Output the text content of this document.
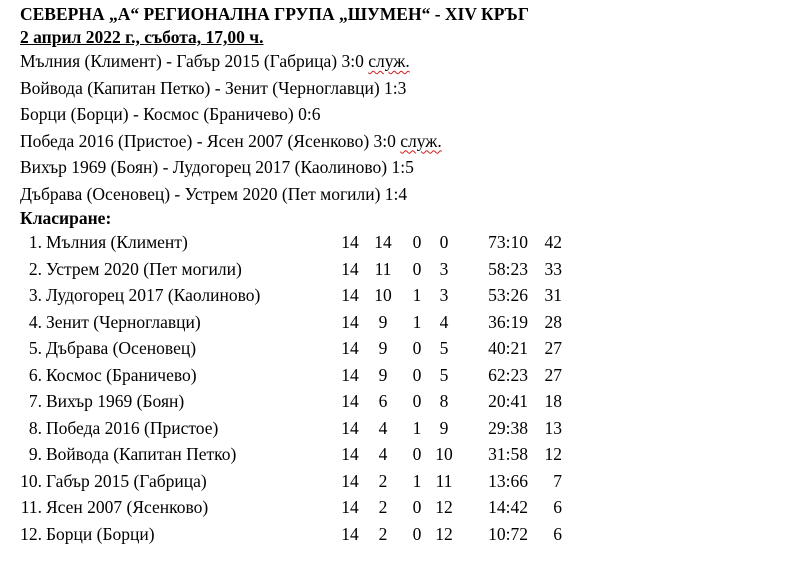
СЕВЕРНА „А“ РЕГИОНАЛНА ГРУПА „ШУМЕН“ - XIV КРЪГ
2 април 2022 г., събота, 17,00 ч.
Мълния (Климент) - Габър 2015 (Габрица) 3:0 служ.
Войвода (Капитан Петко) - Зенит (Черноглавци) 1:3
Борци (Борци) - Космос (Браничево) 0:6
Победа 2016 (Пристое) - Ясен 2007 (Ясенково) 3:0 служ.
Вихър 1969 (Боян) - Лудогорец 2017 (Каолиново) 1:5
Дъбрава (Осеновец) - Устрем 2020 (Пет могили) 1:4
Класиране:
1.	Мълния (Климент)	14	14	0	0	73:10	42
2.	Устрем 2020 (Пет могили)	14	11	0	3	58:23	33
3.	Лудогорец 2017 (Каолиново)	14	10	1	3	53:26	31
4.	Зенит (Черноглавци)	14	9	1	4	36:19	28
5.	Дъбрава (Осеновец)	14	9	0	5	40:21	27
6.	Космос (Браничево)	14	9	0	5	62:23	27
7.	Вихър 1969 (Боян)	14	6	0	8	20:41	18
8.	Победа 2016 (Пристое)	14	4	1	9	29:38	13
9.	Войвода (Капитан Петко)	14	4	0	10	31:58	12
10.	Габър 2015 (Габрица)	14	2	1	11	13:66	7
11.	Ясен 2007 (Ясенково)	14	2	0	12	14:42	6
12.	Борци (Борци)	14	2	0	12	10:72	6
